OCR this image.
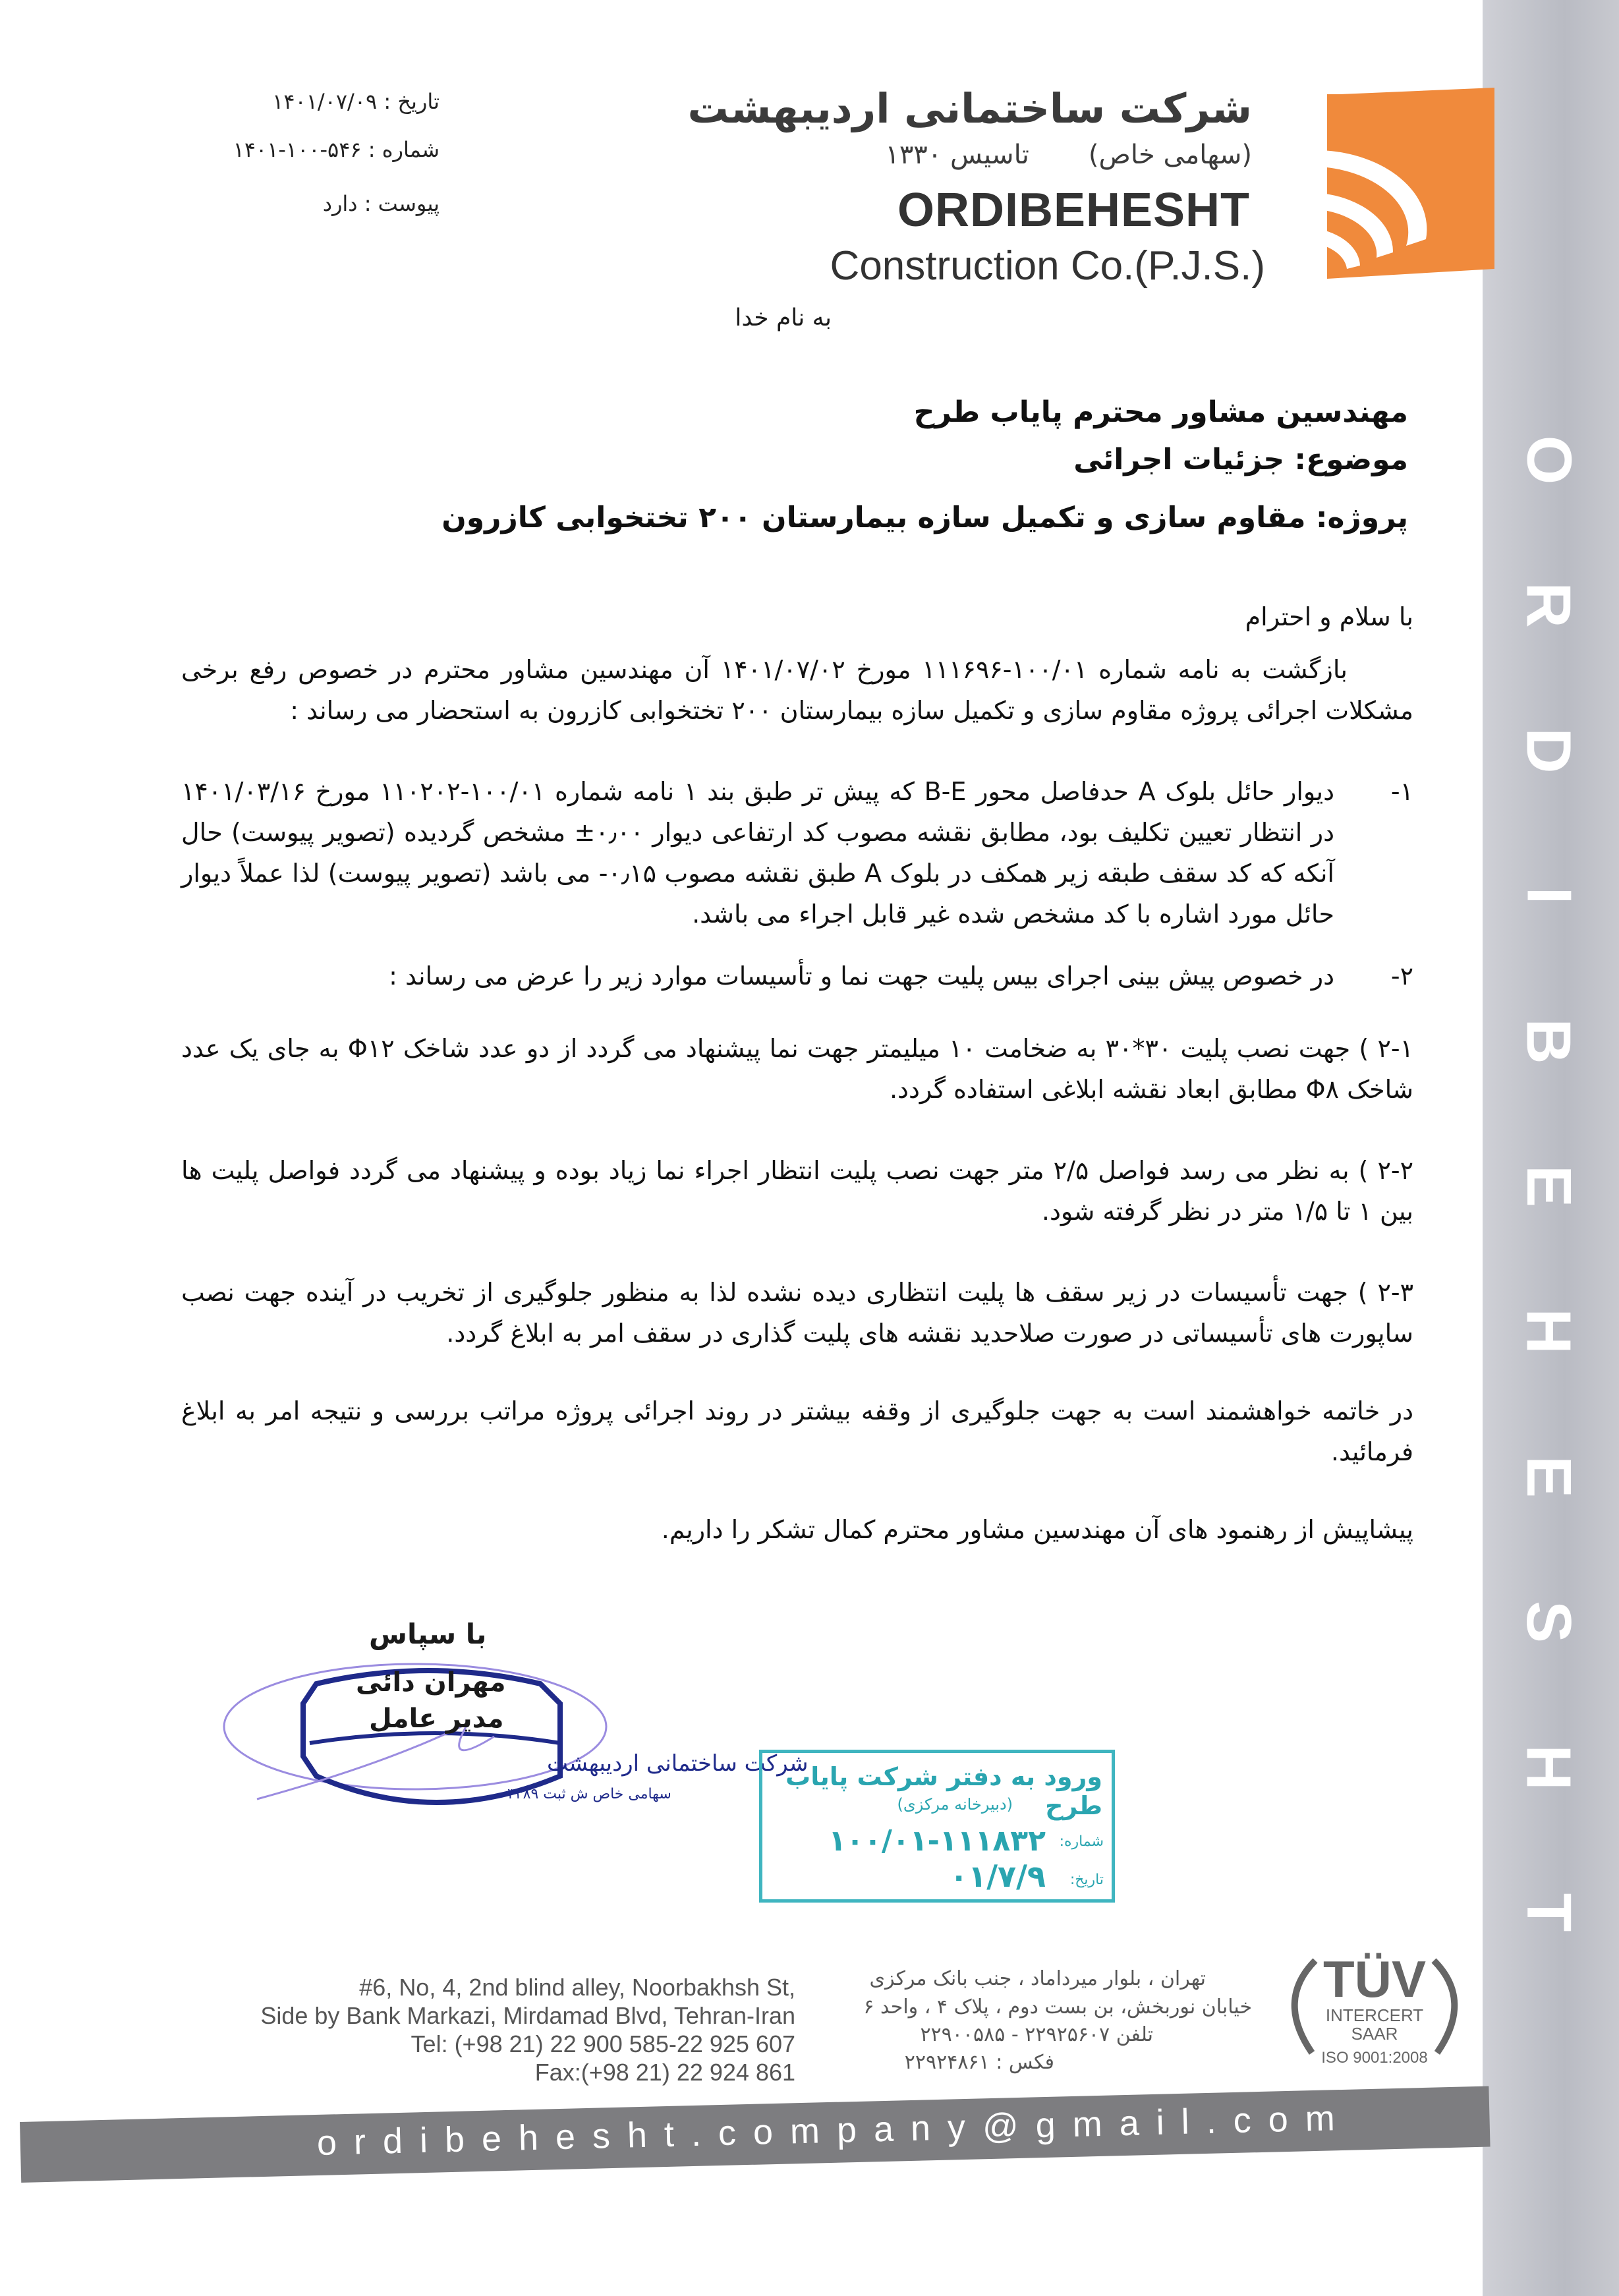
O
R
D
I
B
E
H
E
S
H
T
شرکت ساختمانی اردیبهشت
(سهامی خاص)
تاسیس ۱۳۳۰
ORDIBEHESHT
Construction Co.(P.J.S.)
تاریخ : ۱۴۰۱/۰۷/۰۹
شماره : ۵۴۶-۱۰۰-۱۴۰۱
پیوست : دارد
به نام خدا
مهندسین مشاور محترم پایاب طرح
موضوع: جزئیات اجرائی
پروژه: مقاوم سازی و تکمیل سازه بیمارستان ۲۰۰ تختخوابی کازرون
با سلام و احترام
بازگشت به نامه شماره ۱۰۰/۰۱-۱۱۱۶۹۶ مورخ ۱۴۰۱/۰۷/۰۲ آن مهندسین مشاور محترم در خصوص رفع برخی مشکلات اجرائی پروژه مقاوم سازی و تکمیل سازه بیمارستان ۲۰۰ تختخوابی کازرون به استحضار می رساند :
۱-
دیوار حائل بلوک A حدفاصل محور B-E که پیش تر طبق بند ۱ نامه شماره ۱۰۰/۰۱-۱۱۰۲۰۲ مورخ ۱۴۰۱/۰۳/۱۶ در انتظار تعیین تکلیف بود، مطابق نقشه مصوب کد ارتفاعی دیوار ۰٫۰۰± مشخص گردیده (تصویر پیوست) حال آنکه که کد سقف طبقه زیر همکف در بلوک A طبق نقشه مصوب ۰٫۱۵- می باشد (تصویر پیوست) لذا عملاً دیوار حائل مورد اشاره با کد مشخص شده غیر قابل اجراء می باشد.
۲-
در خصوص پیش بینی اجرای بیس پلیت جهت نما و تأسیسات موارد زیر را عرض می رساند :
۲-۱ ) جهت نصب پلیت ۳۰*۳۰ به ضخامت ۱۰ میلیمتر جهت نما پیشنهاد می گردد از دو عدد شاخک Φ۱۲ به جای یک عدد شاخک Φ۸ مطابق ابعاد نقشه ابلاغی استفاده گردد.
۲-۲ ) به نظر می رسد فواصل ۲/۵ متر جهت نصب پلیت انتظار اجراء نما زیاد بوده و پیشنهاد می گردد فواصل پلیت ها بین ۱ تا ۱/۵ متر در نظر گرفته شود.
۲-۳ ) جهت تأسیسات در زیر سقف ها پلیت انتظاری دیده نشده لذا به منظور جلوگیری از تخریب در آینده جهت نصب ساپورت های تأسیساتی در صورت صلاحدید نقشه های پلیت گذاری در سقف امر به ابلاغ گردد.
در خاتمه خواهشمند است به جهت جلوگیری از وقفه بیشتر در روند اجرائی پروژه مراتب بررسی و نتیجه امر به ابلاغ فرمائید.
پیشاپیش از رهنمود های آن مهندسین مشاور محترم کمال تشکر را داریم.
با سپاس
شرکت ساختمانی اردیبهشت
سهامی خاص ش ثبت ۳۴۸۹
مهران دائی
مدیر عامل
ورود به دفتر شرکت پایاب طرح
(دبیرخانه مرکزی)
شماره:
۱۰۰/۰۱-۱۱۱۸۳۲
تاریخ:
۰۱/۷/۹
#6, No, 4, 2nd blind alley, Noorbakhsh St,
Side by Bank Markazi, Mirdamad Blvd, Tehran-Iran
Tel: (+98 21) 22 900 585-22 925 607
Fax:(+98 21) 22 924 861
تهران ، بلوار میرداماد ، جنب بانک مرکزی
خیابان نوربخش، بن بست دوم ، پلاک ۴ ، واحد ۶
تلفن ۲۲۹۲۵۶۰۷ - ۲۲۹۰۰۵۸۵
فکس : ۲۲۹۲۴۸۶۱
TÜV
INTERCERT
SAAR
ISO 9001:2008
ordibehesht.company@gmail.com
